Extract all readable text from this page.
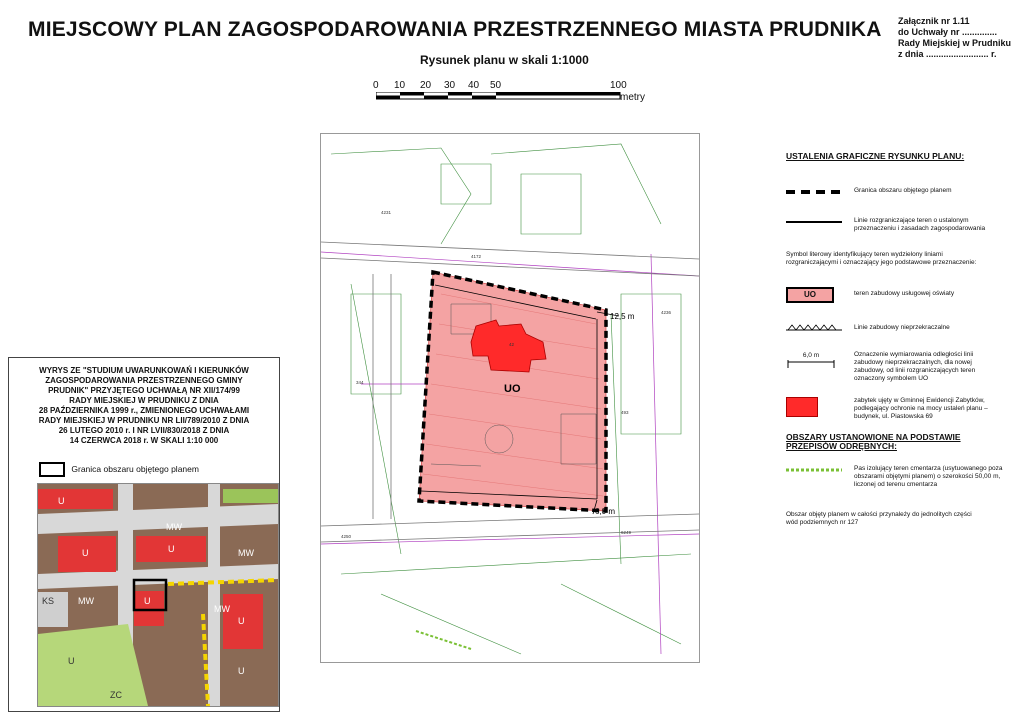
MIEJSCOWY PLAN ZAGOSPODAROWANIA PRZESTRZENNEGO MIASTA PRUDNIKA
Rysunek planu w skali 1:1000
Załącznik nr 1.11
do Uchwały nr ..............
Rady Miejskiej w Prudniku
z dnia ......................... r.
0 10 20 30 40 50	100
metry
12,5 m
6,0 m
UO
344
493
42
4172
4236
4231
4250
6249
USTALENIA GRAFICZNE RYSUNKU PLANU:
Granica obszaru objętego planem
Linie rozgraniczające teren o ustalonym przeznaczeniu i zasadach zagospodarowania
Symbol literowy identyfikujący teren wydzielony liniami rozgraniczającymi i oznaczający jego podstawowe przeznaczenie:
UO	teren zabudowy usługowej oświaty
Linie zabudowy nieprzekraczalne
6,0 m	Oznaczenie wymiarowania odległości linii zabudowy nieprzekraczalnych, dla nowej zabudowy, od linii rozgraniczających teren oznaczony symbolem UO
zabytek ujęty w Gminnej Ewidencji Zabytków, podlegający ochronie na mocy ustaleń planu – budynek, ul. Piastowska 69
OBSZARY USTANOWIONE NA PODSTAWIE PRZEPISÓW ODRĘBNYCH:
Pas izolujący teren cmentarza (usytuowanego poza obszarami objętymi planem) o szerokości 50,00 m, liczonej od terenu cmentarza
Obszar objęty planem w całości przynależy do jednolitych części wód podziemnych nr 127
WYRYS ZE "STUDIUM UWARUNKOWAŃ I KIERUNKÓW
ZAGOSPODAROWANIA PRZESTRZENNEGO GMINY
PRUDNIK" PRZYJĘTEGO UCHWAŁĄ NR XII/174/99
RADY MIEJSKIEJ W PRUDNIKU Z DNIA
28 PAŹDZIERNIKA 1999 r., ZMIENIONEGO UCHWAŁAMI
RADY MIEJSKIEJ W PRUDNIKU NR LII/789/2010 Z DNIA
26 LUTEGO 2010 r. I NR LVII/830/2018 Z DNIA
14 CZERWCA 2018 r. W SKALI 1:10 000
Granica obszaru objętego planem
U	U
U
MW
MW
U
MW
KS
U
ZC
MW
U
U
